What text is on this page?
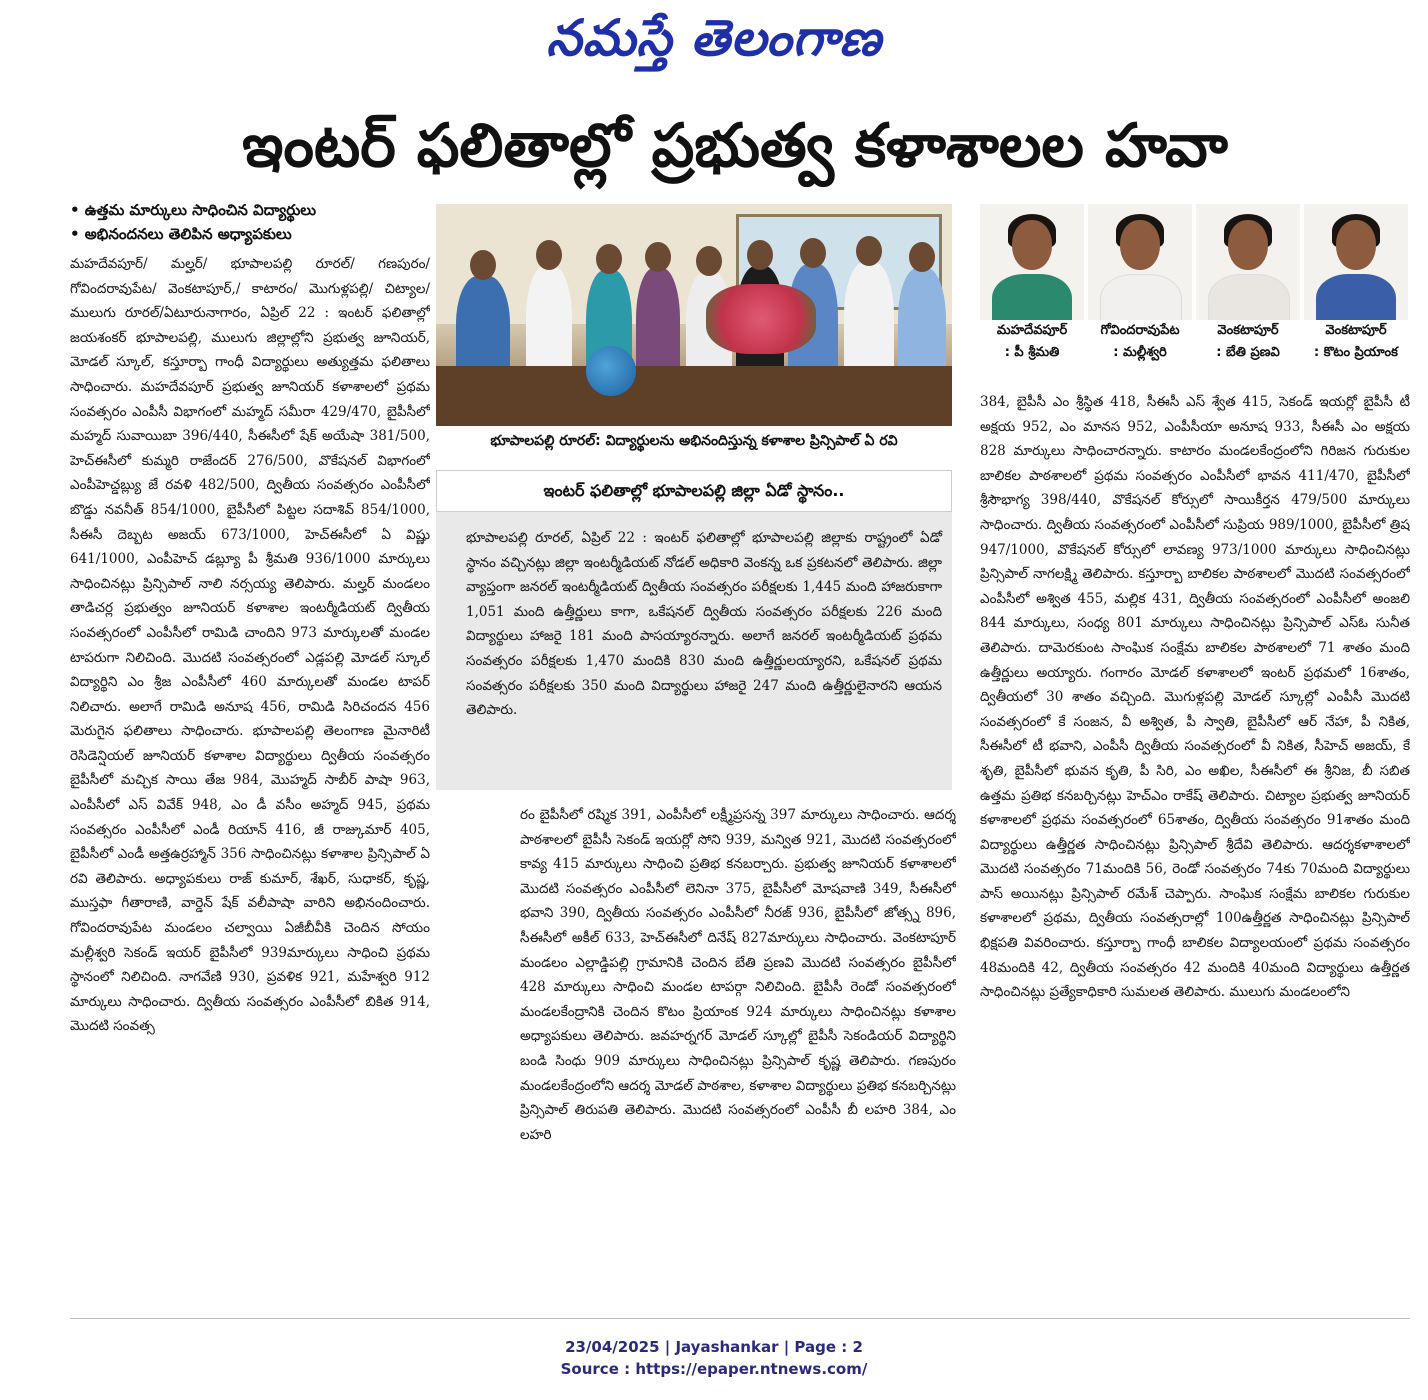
నమస్తే తెలంగాణ
ఇంటర్ ఫలితాల్లో ప్రభుత్వ కళాశాలల హవా
• ఉత్తమ మార్కులు సాధించిన విద్యార్థులు
• అభినందనలు తెలిపిన అధ్యాపకులు

మహదేవపూర్/ మల్హర్/ భూపాలపల్లి రూరల్/ గణపురం/ గోవిందరావుపేట/ వెంకటాపూర్,/ కాటారం/ మొగుళ్లపల్లి/ చిట్యాల/ ములుగు రూరల్/ఏటూరునాగారం, ఏప్రిల్ 22 : ఇంటర్ ఫలితాల్లో జయశంకర్ భూపాలపల్లి, ములుగు జిల్లాల్లోని ప్రభుత్వ జూనియర్, మోడల్ స్కూల్, కస్తూర్బా గాంధీ విద్యార్థులు అత్యుత్తమ ఫలితాలు సాధించారు. మహదేవపూర్ ప్రభుత్వ జూనియర్ కళాశాలలో ప్రథమ సంవత్సరం ఎంపీసీ విభాగంలో మహ్మద్ సమీరా 429/470, బైపీసీలో మహ్మద్ సువాయిబా 396/440, సీఈసీలో షేక్ అయేషా 381/500, హెచ్ఈసీలో కుమ్మరి రాజేందర్ 276/500, వొకేషనల్ విభాగంలో ఎంపీహెచ్డబ్ల్యు జే రవళి 482/500, ద్వితీయ సంవత్సరం ఎంపీసీలో బొడ్డు నవనీత్ 854/1000, బైపీసీలో పిట్టల సదాశివ్ 854/1000, సీఈసీ దెబ్బట అజయ్ 673/1000, హెచ్ఈసీలో ఏ విష్ణు 641/1000, ఎంపీహెచ్ డబ్ల్యూ పీ శ్రీమతి 936/1000 మార్కులు సాధించినట్లు ప్రిన్సిపాల్ నాలి నర్సయ్య తెలిపారు. మల్హర్ మండలం తాడిచర్ల ప్రభుత్వం జూనియర్ కళాశాల ఇంటర్మీడియట్ ద్వితీయ సంవత్సరంలో ఎంపీసీలో రామిడి చాందిని 973 మార్కులతో మండల టాపరుగా నిలిచింది. మొదటి సంవత్సరంలో ఎడ్లపల్లి మోడల్ స్కూల్ విద్యార్థిని ఎం శ్రీజ ఎంపీసీలో 460 మార్కులతో మండల టాపర్ నిలిచారు. అలాగే రామిడి అనూష 456, రామిడి సిరిచందన 456 మెరుగైన ఫలితాలు సాధించారు. భూపాలపల్లి తెలంగాణ మైనారిటీ రెసిడెన్షియల్ జూనియర్ కళాశాల విద్యార్థులు ద్వితీయ సంవత్సరం బైపీసీలో మచ్చిక సాయి తేజ 984, మొహ్మద్ సాబీర్ పాషా 963, ఎంపీసీలో ఎస్ వివేక్ 948, ఎం డీ వసీం అహ్మద్ 945, ప్రథమ సంవత్సరం ఎంపీసీలో ఎండీ రియాన్ 416, జీ రాజ్కుమార్ 405, బైపీసీలో ఎండీ అత్తఉర్రహ్మాన్ 356 సాధించినట్లు కళాశాల ప్రిన్సిపాల్ ఏ రవి తెలిపారు. అధ్యాపకులు రాజ్ కుమార్, శేఖర్, సుధాకర్, కృష్ణ, ముస్తఫా గీతారాణి, వార్డెన్ షేక్ వలీపాషా వారిని అభినందించారు. గోవిందరావుపేట మండలం చల్వాయి ఏజీబీవీకి చెందిన సోయం మల్లీశ్వరి సెకండ్ ఇయర్ బైపీసీలో 939మార్కులు సాధించి ప్రథమ స్థానంలో నిలిచింది. నాగవేణి 930, ప్రవళిక 921, మహేశ్వరి 912 మార్కులు సాధించారు. ద్వితీయ సంవత్సరం ఎంపీసీలో బికిత 914, మొదటి సంవత్స

భూపాలపల్లి రూరల్: విద్యార్థులను అభినందిస్తున్న కళాశాల ప్రిన్సిపాల్ ఏ రవి
ఇంటర్ ఫలితాల్లో భూపాలపల్లి జిల్లా ఏడో స్థానం..
భూపాలపల్లి రూరల్, ఏప్రిల్ 22 : ఇంటర్ ఫలితాల్లో భూపాలపల్లి జిల్లాకు రాష్ట్రంలో ఏడో స్థానం వచ్చినట్లు జిల్లా ఇంటర్మీడియట్ నోడల్ అధికారి వెంకన్న ఒక ప్రకటనలో తెలిపారు. జిల్లా వ్యాప్తంగా జనరల్ ఇంటర్మీడియట్ ద్వితీయ సంవత్సరం పరీక్షలకు 1,445 మంది హాజరుకాగా 1,051 మంది ఉత్తీర్ణులు కాగా, ఒకేషనల్ ద్వితీయ సంవత్సరం పరీక్షలకు 226 మంది విద్యార్థులు హాజరై 181 మంది పాసయ్యారన్నారు. అలాగే జనరల్ ఇంటర్మీడియట్ ప్రథమ సంవత్సరం పరీక్షలకు 1,470 మందికి 830 మంది ఉత్తీర్ణులయ్యారని, ఒకేషనల్ ప్రథమ సంవత్సరం పరీక్షలకు 350 మంది విద్యార్థులు హాజరై 247 మంది ఉత్తీర్ణులైనారని ఆయన తెలిపారు.
మహదేవపూర్
: పీ శ్రీమతి
గోవిందరావుపేట
: మల్లీశ్వరి
వెంకటాపూర్
: బేతి ప్రణవి
వెంకటాపూర్
: కొటం ప్రియాంక

రం బైపీసీలో రష్మిక 391, ఎంపీసీలో లక్ష్మీప్రసన్న 397 మార్కులు సాధించారు. ఆదర్శ పాఠశాలలో బైపీసీ సెకండ్ ఇయర్లో సోని 939, మన్విత 921, మొదటి సంవత్సరంలో కావ్య 415 మార్కులు సాధించి ప్రతిభ కనబర్చారు. ప్రభుత్వ జూనియర్ కళాశాలలో మొదటి సంవత్సరం ఎంపీసీలో లెనినా 375, బైపీసీలో మోషవాణి 349, సీఈసీలో భవాని 390, ద్వితీయ సంవత్సరం ఎంపీసీలో నీరజ్ 936, బైపీసీలో జోత్స్న 896, సీఈసీలో అకీల్ 633, హెచ్ఈసీలో దినేష్ 827మార్కులు సాధించారు. వెంకటాపూర్ మండలం ఎల్లాడ్డిపల్లి గ్రామానికి చెందిన బేతి ప్రణవి మొదటి సంవత్సరం బైపీసీలో 428 మార్కులు సాధించి మండల టాపర్గా నిలిచింది. బైపీసీ రెండో సంవత్సరంలో మండలకేంద్రానికి చెందిన కొటం ప్రియాంక 924 మార్కులు సాధించినట్లు కళాశాల అధ్యాపకులు తెలిపారు. జవహర్నగర్ మోడల్ స్కూల్లో బైపీసీ సెకండియర్ విద్యార్థిని బండి సింధు 909 మార్కులు సాధించినట్లు ప్రిన్సిపాల్ కృష్ణ తెలిపారు. గణపురం మండలకేంద్రంలోని ఆదర్శ మోడల్ పాఠశాల, కళాశాల విద్యార్థులు ప్రతిభ కనబర్చినట్లు ప్రిన్సిపాల్ తిరుపతి తెలిపారు. మొదటి సంవత్సరంలో ఎంపీసీ బీ లహరి 384, ఎం లహరి

384, బైపీసీ ఎం శ్రీస్థిత 418, సీఈసీ ఎస్ శ్వేత 415, సెకండ్ ఇయర్లో బైపీసీ టీ అక్షయ 952, ఎం మానస 952, ఎంపీసీయా అనూష 933, సీఈసీ ఎం అక్షయ 828 మార్కులు సాధించారన్నారు. కాటారం మండలకేంద్రంలోని గిరిజన గురుకుల బాలికల పాఠశాలలో ప్రథమ సంవత్సరం ఎంపీసీలో భావన 411/470, బైపీసీలో శ్రీసౌభాగ్య 398/440, వొకేషనల్ కోర్సులో సాయికీర్తన 479/500 మార్కులు సాధించారు. ద్వితీయ సంవత్సరంలో ఎంపీసీలో సుప్రియ 989/1000, బైపీసీలో త్రిష 947/1000, వొకేషనల్ కోర్సులో లావణ్య 973/1000 మార్కులు సాధించినట్లు ప్రిన్సిపాల్ నాగలక్ష్మి తెలిపారు. కస్తూర్బా బాలికల పాఠశాలలో మొదటి సంవత్సరంలో ఎంపీసీలో అశ్విత 455, మల్లిక 431, ద్వితీయ సంవత్సరంలో ఎంపీసీలో అంజలి 844 మార్కులు, సంధ్య 801 మార్కులు సాధించినట్లు ప్రిన్సిపాల్ ఎస్ఓ సునీత తెలిపారు. దామెరకుంట సాంఘిక సంక్షేమ బాలికల పాఠశాలలో 71 శాతం మంది ఉత్తీర్ణులు అయ్యారు. గంగారం మోడల్ కళాశాలలో ఇంటర్ ప్రథమలో 16శాతం, ద్వితీయలో 30 శాతం వచ్చింది. మొగుళ్లపల్లి మోడల్ స్కూల్లో ఎంపీసీ మొదటి సంవత్సరంలో కే సంజన, వీ అశ్విత, పీ స్వాతి, బైపీసీలో ఆర్ నేహా, పీ నికిత, సీఈసీలో టీ భవాని, ఎంపీసీ ద్వితీయ సంవత్సరంలో వీ నికిత, సీహెచ్ అజయ్, కే శృతి, బైపీసీలో భువన కృతి, పీ సిరి, ఎం అఖిల, సీఈసీలో ఈ శ్రీనిజ, బీ సబిత ఉత్తమ ప్రతిభ కనబర్చినట్లు హెచ్ఎం రాకేష్ తెలిపారు. చిట్యాల ప్రభుత్వ జూనియర్ కళాశాలలో ప్రథమ సంవత్సరంలో 65శాతం, ద్వితీయ సంవత్సరం 91శాతం మంది విద్యార్థులు ఉత్తీర్ణత సాధించినట్లు ప్రిన్సిపాల్ శ్రీదేవి తెలిపారు. ఆదర్శకళాశాలలో మొదటి సంవత్సరం 71మందికి 56, రెండో సంవత్సరం 74కు 70మంది విద్యార్థులు పాస్ అయినట్లు ప్రిన్సిపాల్ రమేశ్ చెప్పారు. సాంఘిక సంక్షేమ బాలికల గురుకుల కళాశాలలో ప్రథమ, ద్వితీయ సంవత్సరాల్లో 100ఉత్తీర్ణత సాధించినట్లు ప్రిన్సిపాల్ భిక్షపతి వివరించారు. కస్తూర్బా గాంధీ బాలికల విద్యాలయంలో ప్రథమ సంవత్సరం 48మందికి 42, ద్వితీయ సంవత్సరం 42 మందికి 40మంది విద్యార్థులు ఉత్తీర్ణత సాధించినట్లు ప్రత్యేకాధికారి సుమలత తెలిపారు. ములుగు మండలంలోని

23/04/2025 | Jayashankar | Page : 2
Source : https://epaper.ntnews.com/
